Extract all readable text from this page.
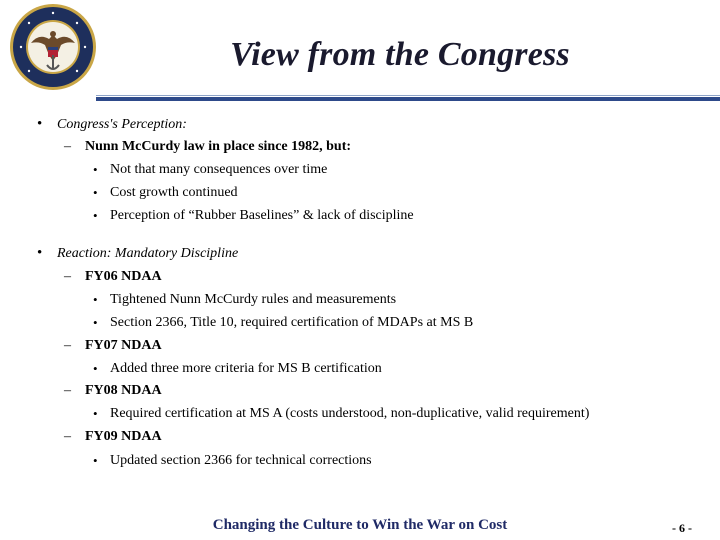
View from the Congress
• Congress's Perception:
– Nunn McCurdy law in place since 1982, but:
• Not that many consequences over time
• Cost growth continued
• Perception of “Rubber Baselines” & lack of discipline
• Reaction: Mandatory Discipline
– FY06 NDAA
• Tightened Nunn McCurdy rules and measurements
• Section 2366, Title 10, required certification of MDAPs at MS B
– FY07 NDAA
• Added three more criteria for MS B certification
– FY08 NDAA
• Required certification at MS A (costs understood, non-duplicative, valid requirement)
– FY09 NDAA
• Updated section 2366 for technical corrections
Changing the Culture to Win the War on Cost	- 6 -
